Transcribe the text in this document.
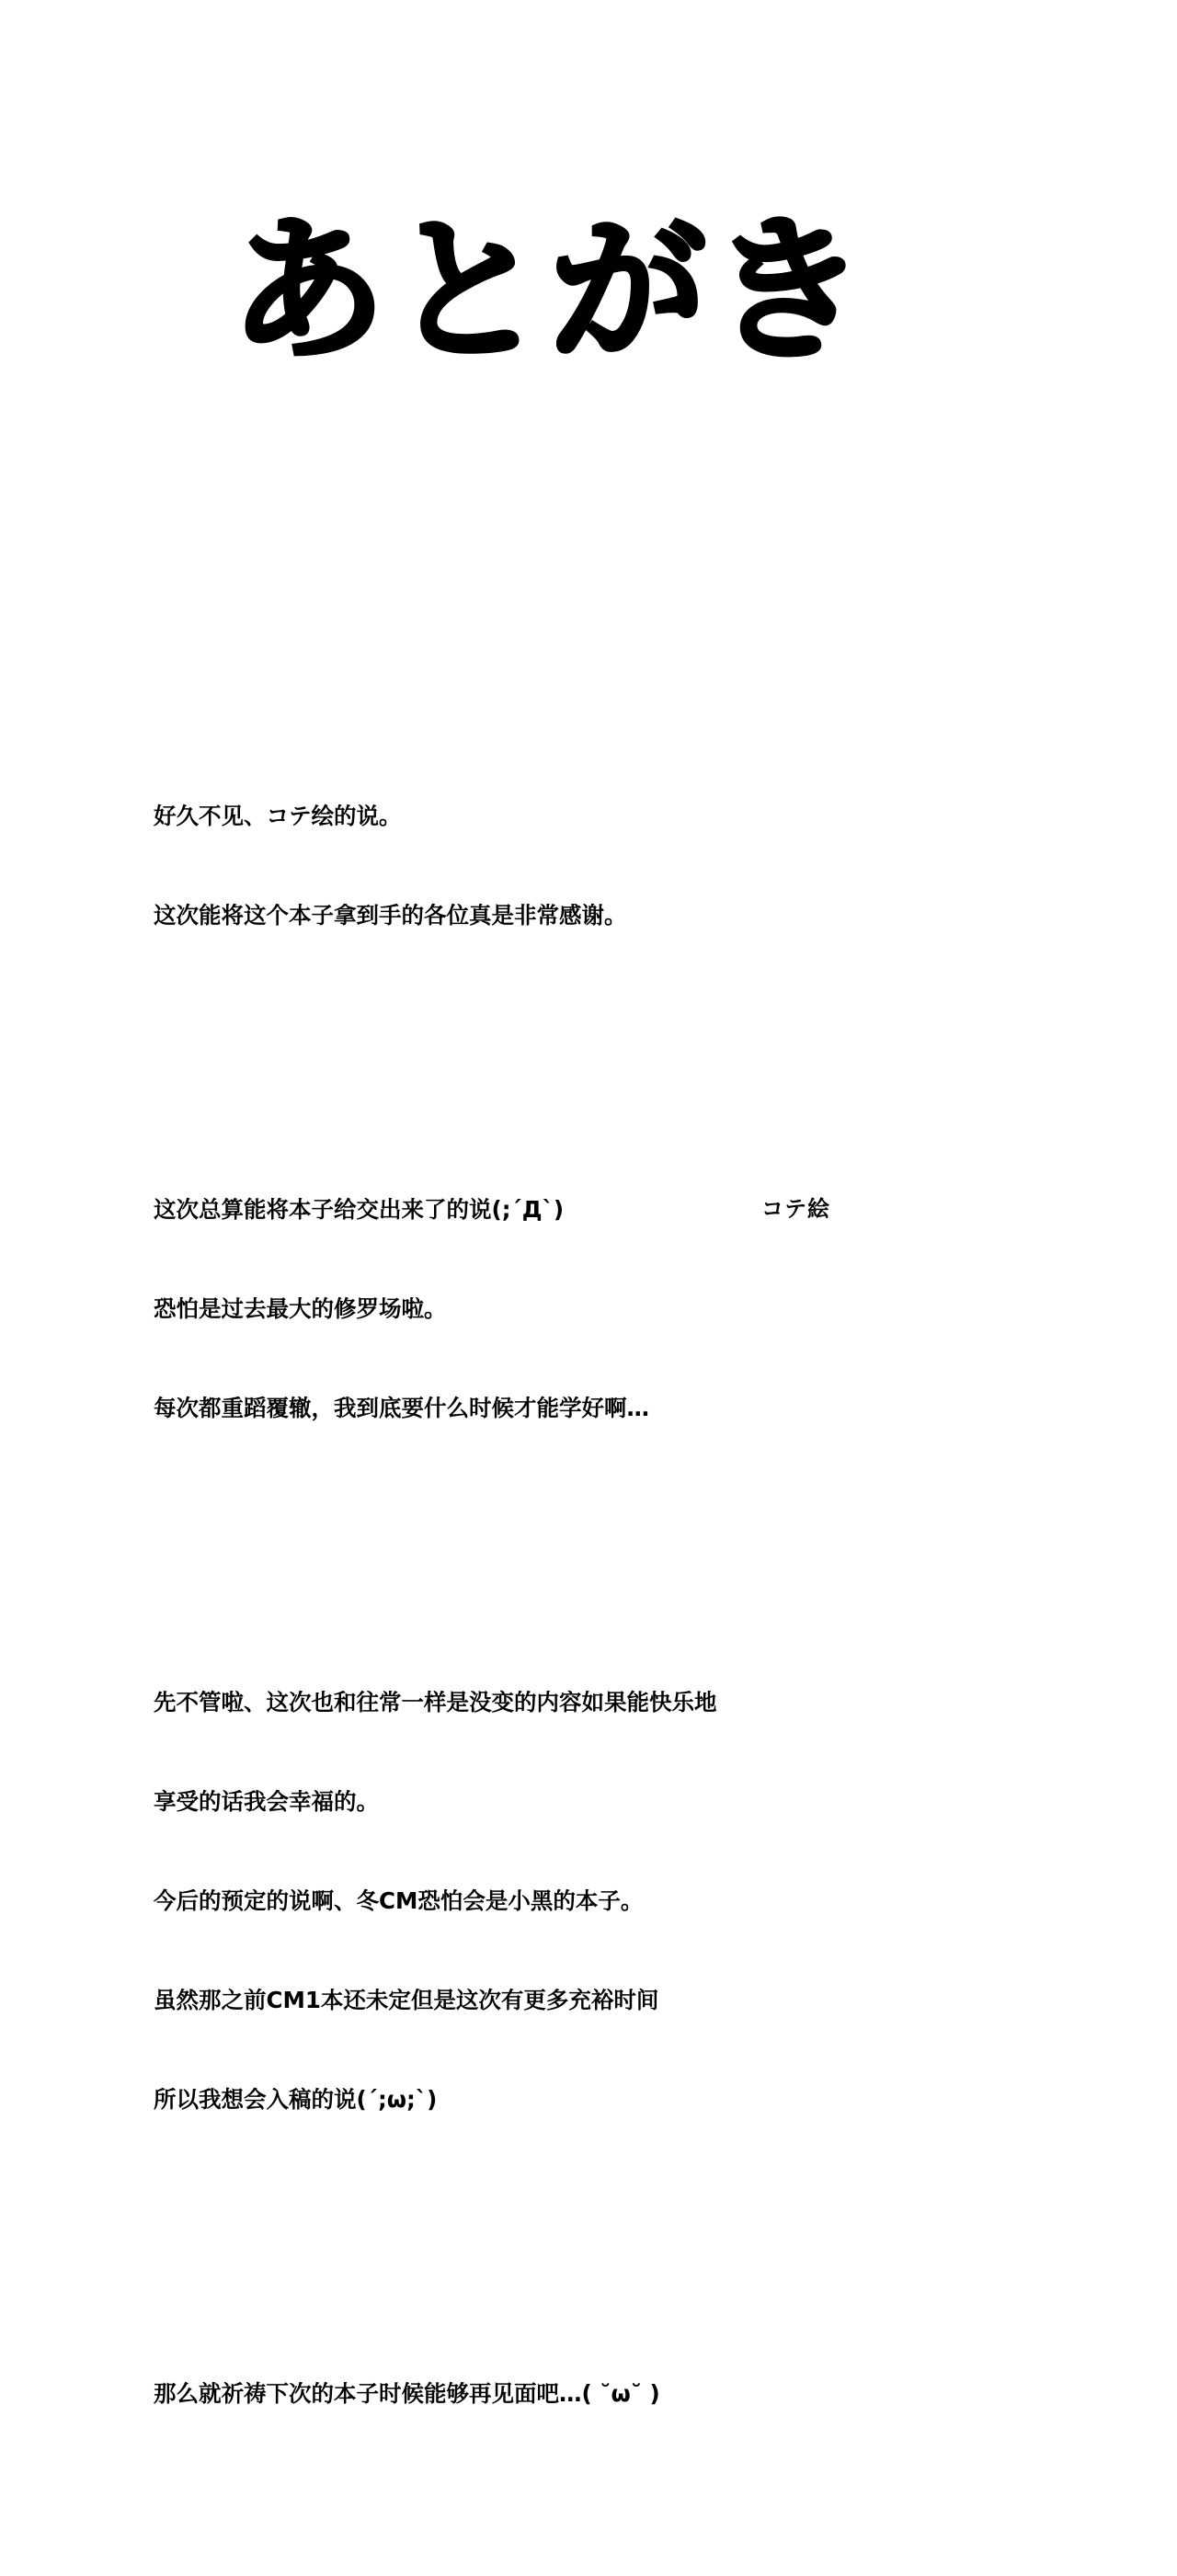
あとがき

好久不见、コテ绘的说。

这次能将这个本子拿到手的各位真是非常感谢。

这次总算能将本子给交出来了的说(;´Д`)

恐怕是过去最大的修罗场啦。

每次都重蹈覆辙，我到底要什么时候才能学好啊…

先不管啦、这次也和往常一样是没变的内容如果能快乐地

享受的话我会幸福的。

今后的预定的说啊、冬CM恐怕会是小黑的本子。

虽然那之前CM1本还未定但是这次有更多充裕时间

所以我想会入稿的说(´;ω;`)

那么就祈祷下次的本子时候能够再见面吧…( ˘ω˘ )

コテ絵
